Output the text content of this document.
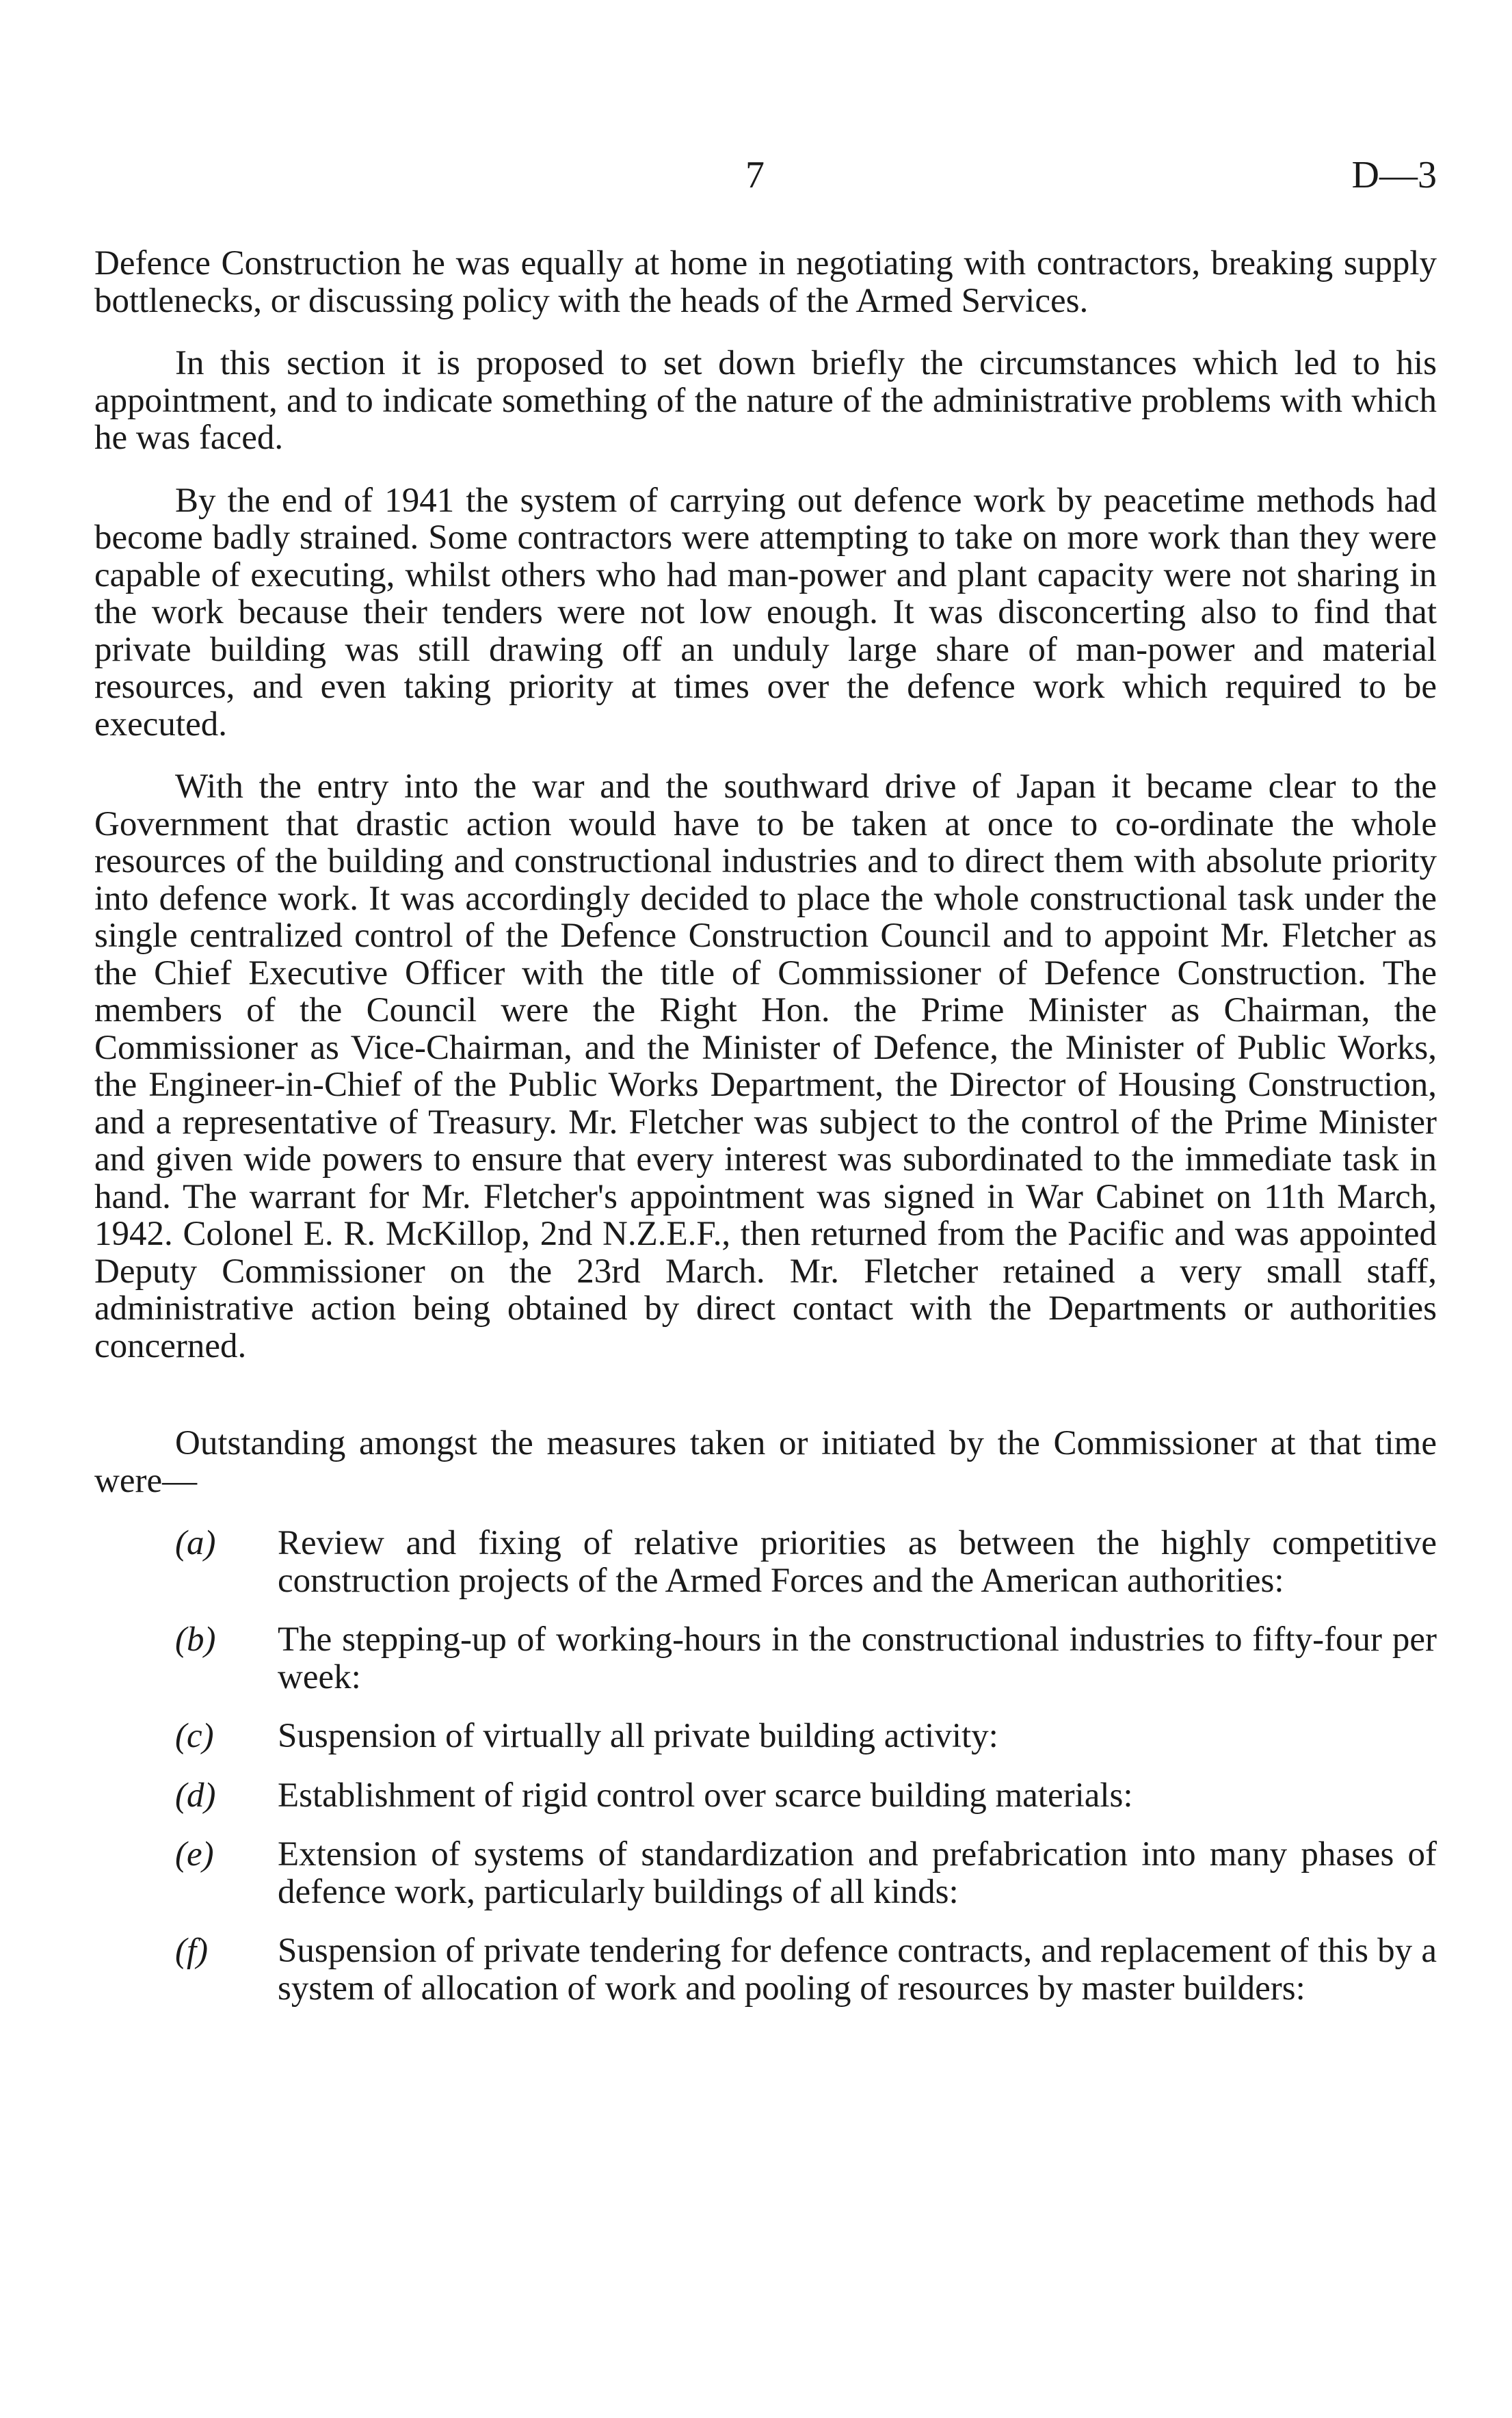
7	D—3

Defence Construction he was equally at home in negotiating with contractors, breaking supply bottlenecks, or discussing policy with the heads of the Armed Services.

In this section it is proposed to set down briefly the circumstances which led to his appointment, and to indicate something of the nature of the administrative problems with which he was faced.

By the end of 1941 the system of carrying out defence work by peacetime methods had become badly strained. Some contractors were attempting to take on more work than they were capable of executing, whilst others who had man-power and plant capacity were not sharing in the work because their tenders were not low enough. It was disconcerting also to find that private building was still drawing off an unduly large share of man-power and material resources, and even taking priority at times over the defence work which required to be executed.

With the entry into the war and the southward drive of Japan it became clear to the Government that drastic action would have to be taken at once to co-ordinate the whole resources of the building and constructional industries and to direct them with absolute priority into defence work. It was accordingly decided to place the whole constructional task under the single centralized control of the Defence Construction Council and to appoint Mr. Fletcher as the Chief Executive Officer with the title of Commissioner of Defence Construction. The members of the Council were the Right Hon. the Prime Minister as Chairman, the Commissioner as Vice-Chairman, and the Minister of Defence, the Minister of Public Works, the Engineer-in-Chief of the Public Works Department, the Director of Housing Construction, and a representative of Treasury. Mr. Fletcher was subject to the control of the Prime Minister and given wide powers to ensure that every interest was subordinated to the immediate task in hand. The warrant for Mr. Fletcher's appointment was signed in War Cabinet on 11th March, 1942. Colonel E. R. McKillop, 2nd N.Z.E.F., then returned from the Pacific and was appointed Deputy Commissioner on the 23rd March. Mr. Fletcher retained a very small staff, administrative action being obtained by direct contact with the Departments or authorities concerned.

Outstanding amongst the measures taken or initiated by the Commissioner at that time were—

(a) Review and fixing of relative priorities as between the highly competitive construction projects of the Armed Forces and the American authorities:
(b) The stepping-up of working-hours in the constructional industries to fifty-four per week:
(c) Suspension of virtually all private building activity:
(d) Establishment of rigid control over scarce building materials:
(e) Extension of systems of standardization and prefabrication into many phases of defence work, particularly buildings of all kinds:
(f) Suspension of private tendering for defence contracts, and replacement of this by a system of allocation of work and pooling of resources by master builders:
